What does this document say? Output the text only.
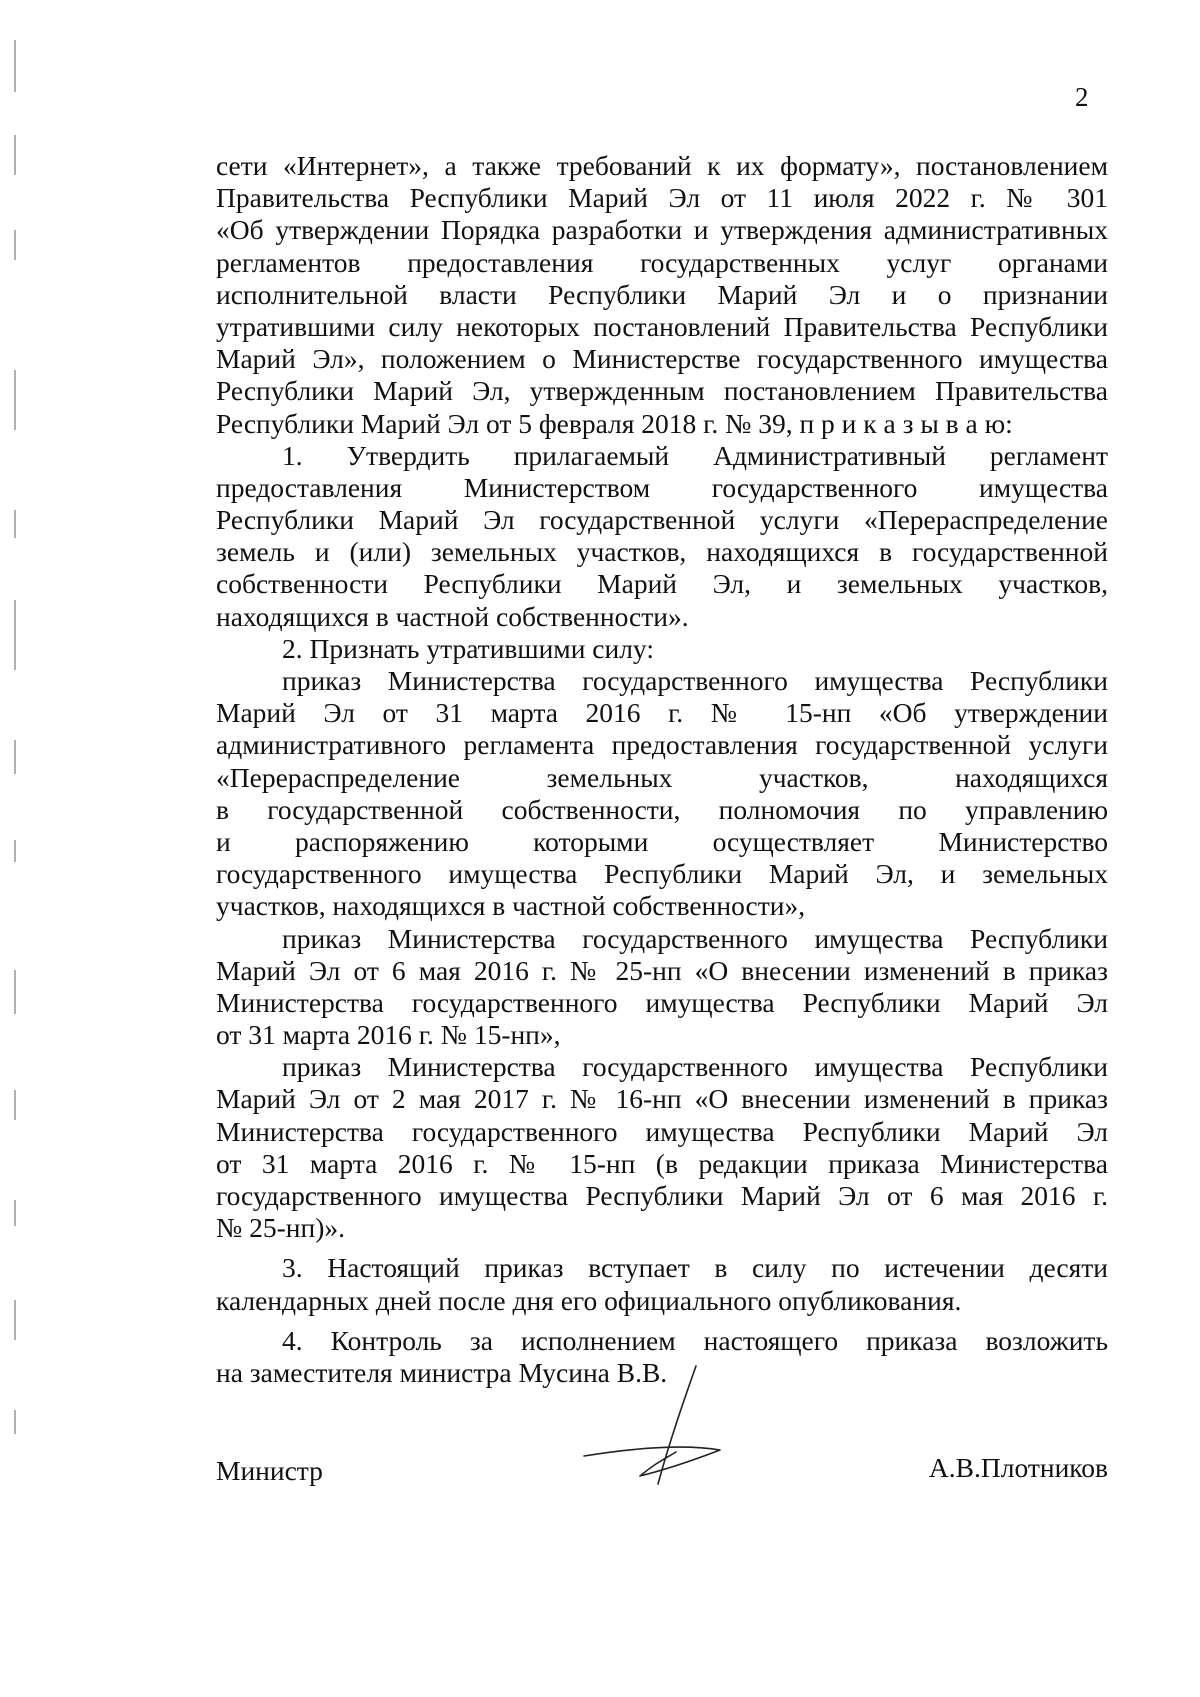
2
сети «Интернет», а также требований к их формату», постановлением
Правительства Республики Марий Эл от 11 июля 2022 г. № 301
«Об утверждении Порядка разработки и утверждения административных
регламентов предоставления государственных услуг органами
исполнительной власти Республики Марий Эл и о признании
утратившими силу некоторых постановлений Правительства Республики
Марий Эл», положением о Министерстве государственного имущества
Республики Марий Эл, утвержденным постановлением Правительства
Республики Марий Эл от 5 февраля 2018 г. № 39, п р и к а з ы в а ю:
1. Утвердить прилагаемый Административный регламент
предоставления Министерством государственного имущества
Республики Марий Эл государственной услуги «Перераспределение
земель и (или) земельных участков, находящихся в государственной
собственности Республики Марий Эл, и земельных участков,
находящихся в частной собственности».
2. Признать утратившими силу:
приказ Министерства государственного имущества Республики
Марий Эл от 31 марта 2016 г. № 15-нп «Об утверждении
административного регламента предоставления государственной услуги
«Перераспределение земельных участков, находящихся
в государственной собственности, полномочия по управлению
и распоряжению которыми осуществляет Министерство
государственного имущества Республики Марий Эл, и земельных
участков, находящихся в частной собственности»,
приказ Министерства государственного имущества Республики
Марий Эл от 6 мая 2016 г. № 25-нп «О внесении изменений в приказ
Министерства государственного имущества Республики Марий Эл
от 31 марта 2016 г. № 15-нп»,
приказ Министерства государственного имущества Республики
Марий Эл от 2 мая 2017 г. № 16-нп «О внесении изменений в приказ
Министерства государственного имущества Республики Марий Эл
от 31 марта 2016 г. № 15-нп (в редакции приказа Министерства
государственного имущества Республики Марий Эл от 6 мая 2016 г.
№ 25-нп)».
3. Настоящий приказ вступает в силу по истечении десяти
календарных дней после дня его официального опубликования.
4. Контроль за исполнением настоящего приказа возложить
на заместителя министра Мусина В.В.
Министр	А.В.Плотников
